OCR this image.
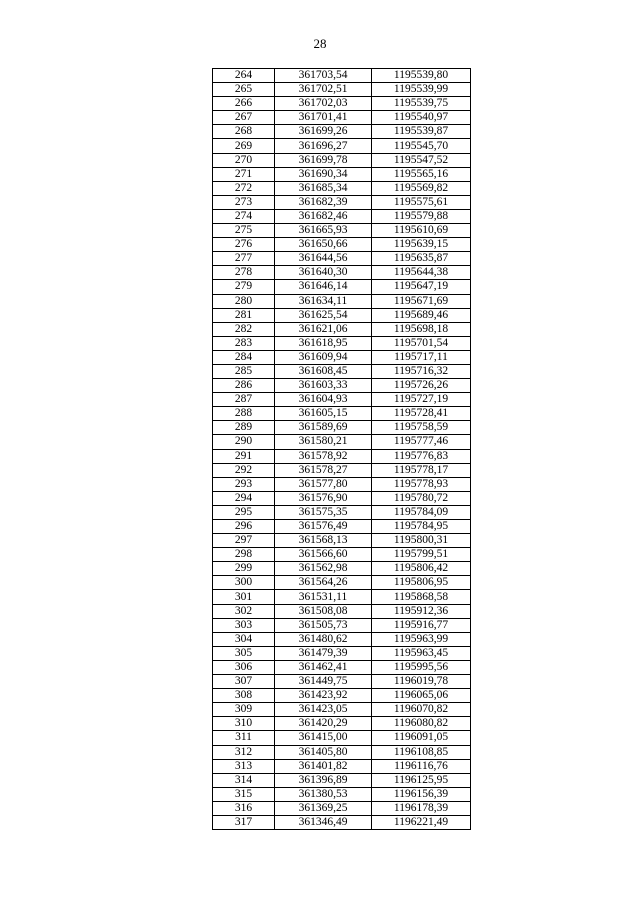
28
264	361703,54	1195539,80
265	361702,51	1195539,99
266	361702,03	1195539,75
267	361701,41	1195540,97
268	361699,26	1195539,87
269	361696,27	1195545,70
270	361699,78	1195547,52
271	361690,34	1195565,16
272	361685,34	1195569,82
273	361682,39	1195575,61
274	361682,46	1195579,88
275	361665,93	1195610,69
276	361650,66	1195639,15
277	361644,56	1195635,87
278	361640,30	1195644,38
279	361646,14	1195647,19
280	361634,11	1195671,69
281	361625,54	1195689,46
282	361621,06	1195698,18
283	361618,95	1195701,54
284	361609,94	1195717,11
285	361608,45	1195716,32
286	361603,33	1195726,26
287	361604,93	1195727,19
288	361605,15	1195728,41
289	361589,69	1195758,59
290	361580,21	1195777,46
291	361578,92	1195776,83
292	361578,27	1195778,17
293	361577,80	1195778,93
294	361576,90	1195780,72
295	361575,35	1195784,09
296	361576,49	1195784,95
297	361568,13	1195800,31
298	361566,60	1195799,51
299	361562,98	1195806,42
300	361564,26	1195806,95
301	361531,11	1195868,58
302	361508,08	1195912,36
303	361505,73	1195916,77
304	361480,62	1195963,99
305	361479,39	1195963,45
306	361462,41	1195995,56
307	361449,75	1196019,78
308	361423,92	1196065,06
309	361423,05	1196070,82
310	361420,29	1196080,82
311	361415,00	1196091,05
312	361405,80	1196108,85
313	361401,82	1196116,76
314	361396,89	1196125,95
315	361380,53	1196156,39
316	361369,25	1196178,39
317	361346,49	1196221,49
